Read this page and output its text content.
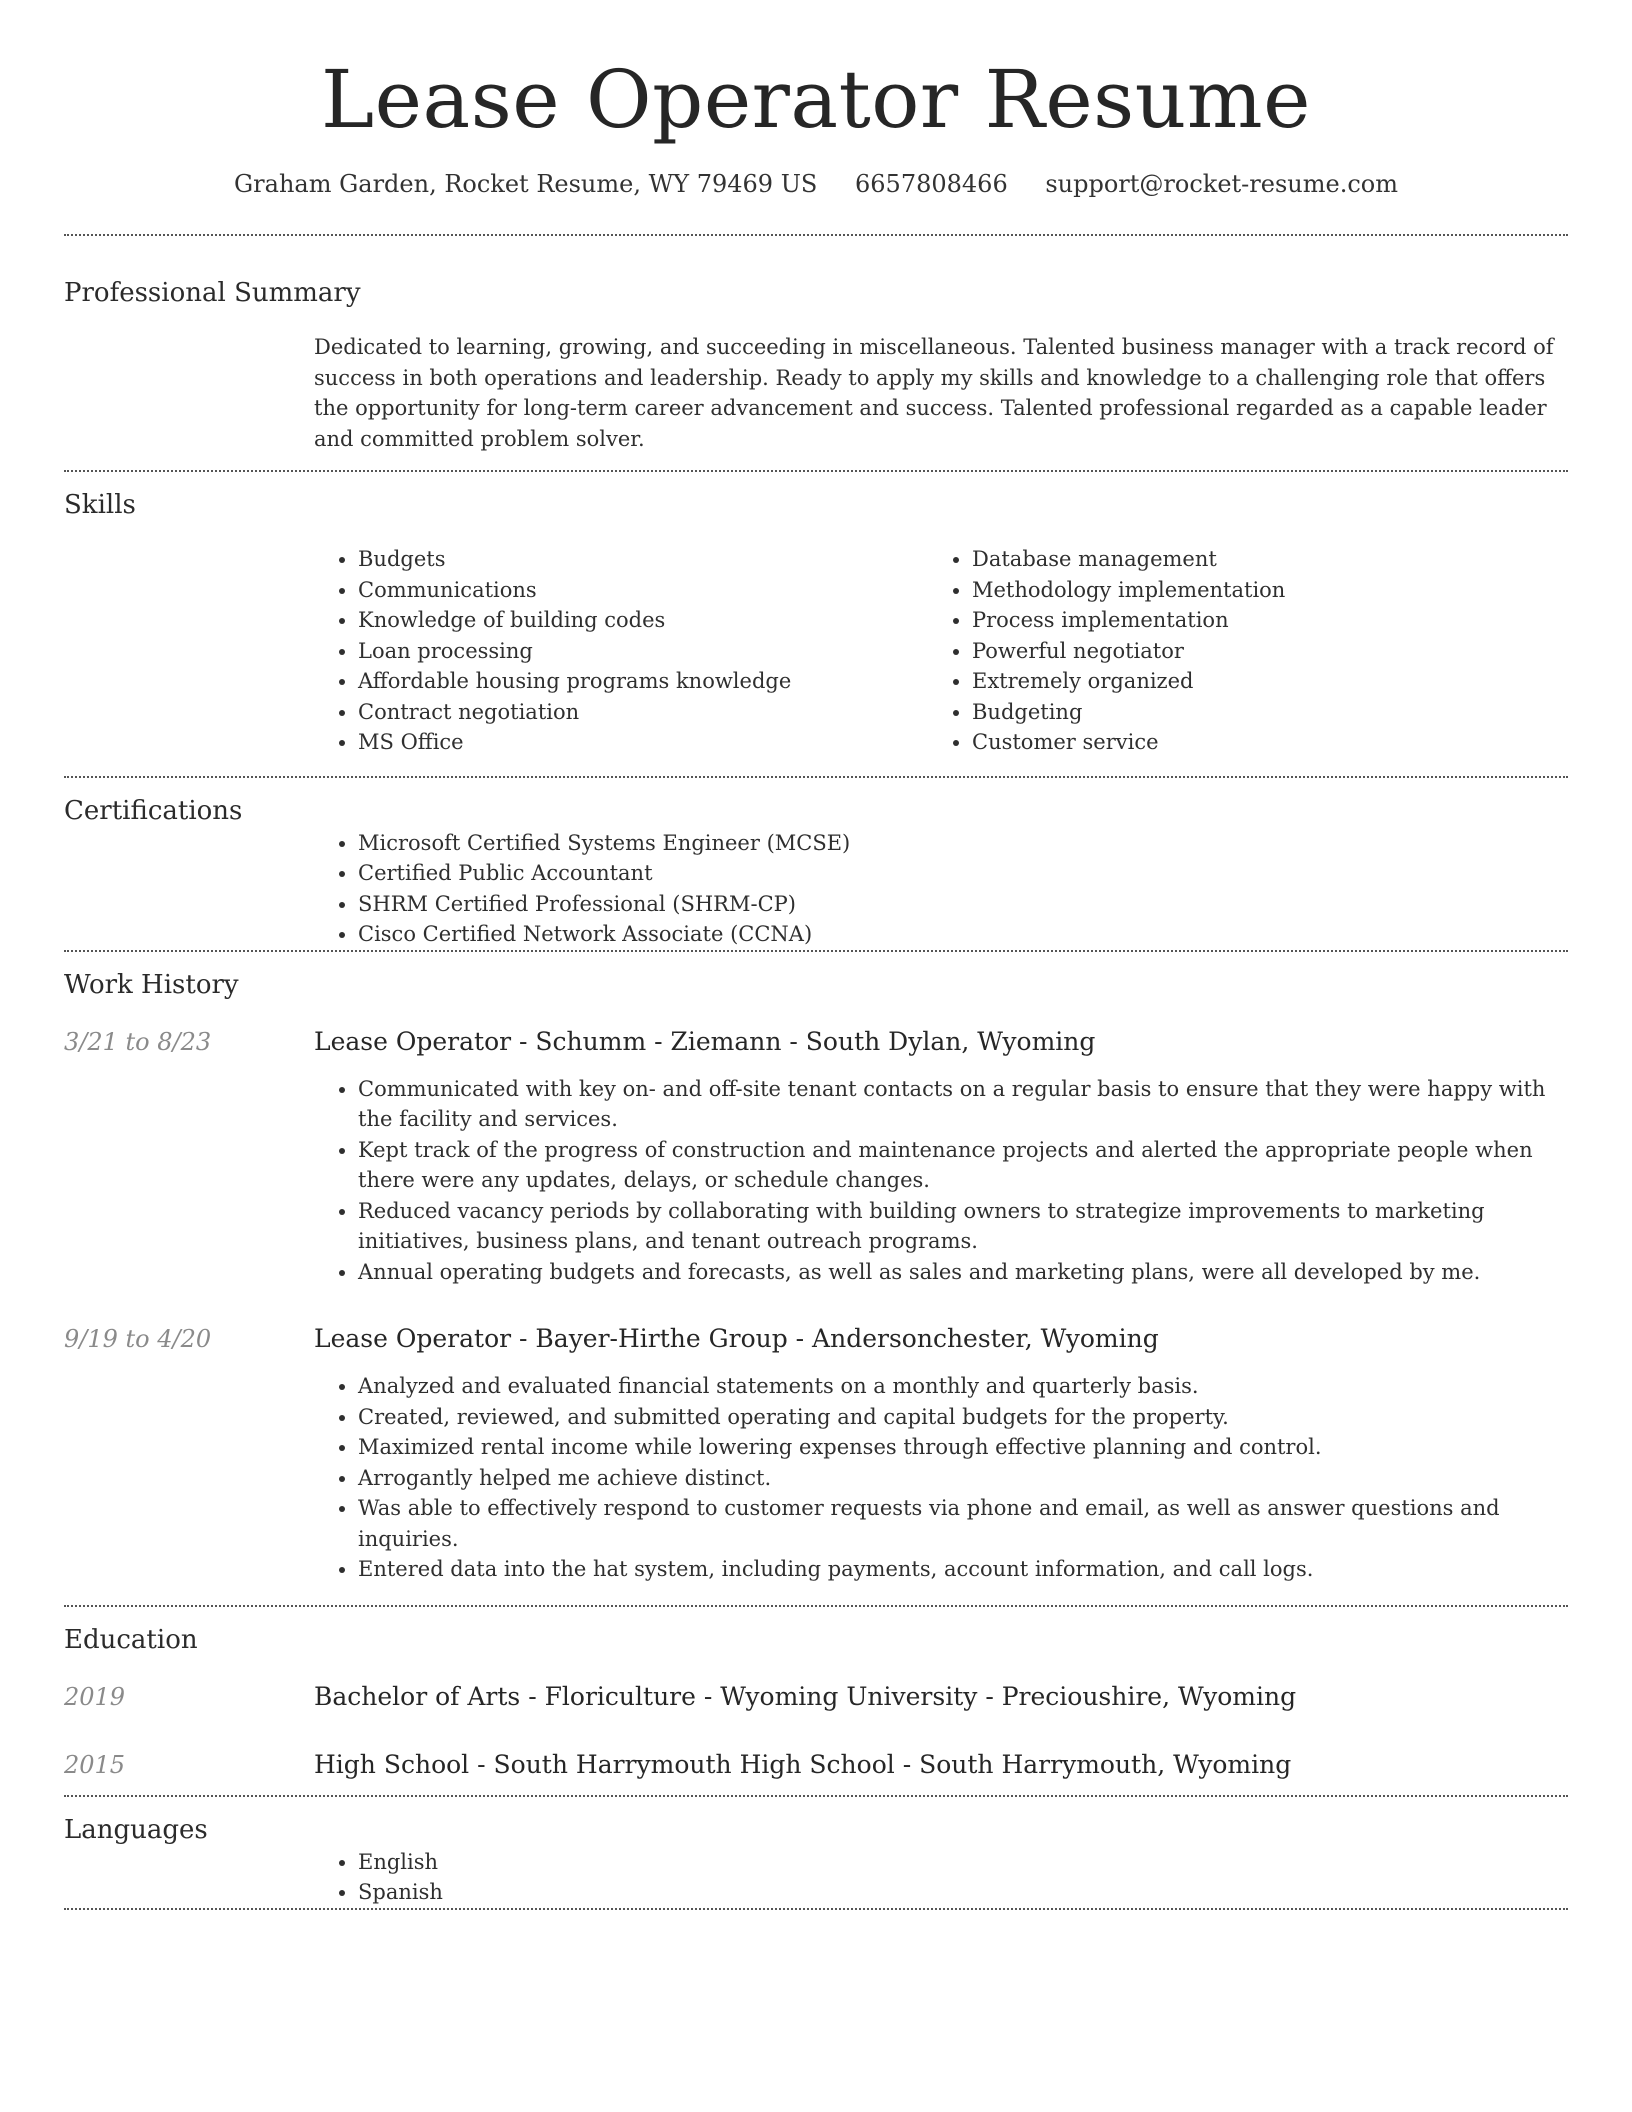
Lease Operator Resume
Graham Garden, Rocket Resume, WY 79469 US 6657808466 support@rocket-resume.com
Professional Summary

Dedicated to learning, growing, and succeeding in miscellaneous. Talented business manager with a track record of success in both operations and leadership. Ready to apply my skills and knowledge to a challenging role that offers the opportunity for long-term career advancement and success. Talented professional regarded as a capable leader and committed problem solver.

Skills
• Budgets
• Communications
• Knowledge of building codes
• Loan processing
• Affordable housing programs knowledge
• Contract negotiation
• MS Office
• Database management
• Methodology implementation
• Process implementation
• Powerful negotiator
• Extremely organized
• Budgeting
• Customer service
Certifications
• Microsoft Certified Systems Engineer (MCSE)
• Certified Public Accountant
• SHRM Certified Professional (SHRM-CP)
• Cisco Certified Network Associate (CCNA)
Work History
3/21 to 8/23	Lease Operator - Schumm - Ziemann - South Dylan, Wyoming
• Communicated with key on- and off-site tenant contacts on a regular basis to ensure that they were happy with the facility and services.
• Kept track of the progress of construction and maintenance projects and alerted the appropriate people when there were any updates, delays, or schedule changes.
• Reduced vacancy periods by collaborating with building owners to strategize improvements to marketing initiatives, business plans, and tenant outreach programs.
• Annual operating budgets and forecasts, as well as sales and marketing plans, were all developed by me.
9/19 to 4/20	Lease Operator - Bayer-Hirthe Group - Andersonchester, Wyoming
• Analyzed and evaluated financial statements on a monthly and quarterly basis.
• Created, reviewed, and submitted operating and capital budgets for the property.
• Maximized rental income while lowering expenses through effective planning and control.
• Arrogantly helped me achieve distinct.
• Was able to effectively respond to customer requests via phone and email, as well as answer questions and inquiries.
• Entered data into the hat system, including payments, account information, and call logs.
Education
2019	Bachelor of Arts - Floriculture - Wyoming University - Precioushire, Wyoming
2015	High School - South Harrymouth High School - South Harrymouth, Wyoming
Languages
• English
• Spanish
